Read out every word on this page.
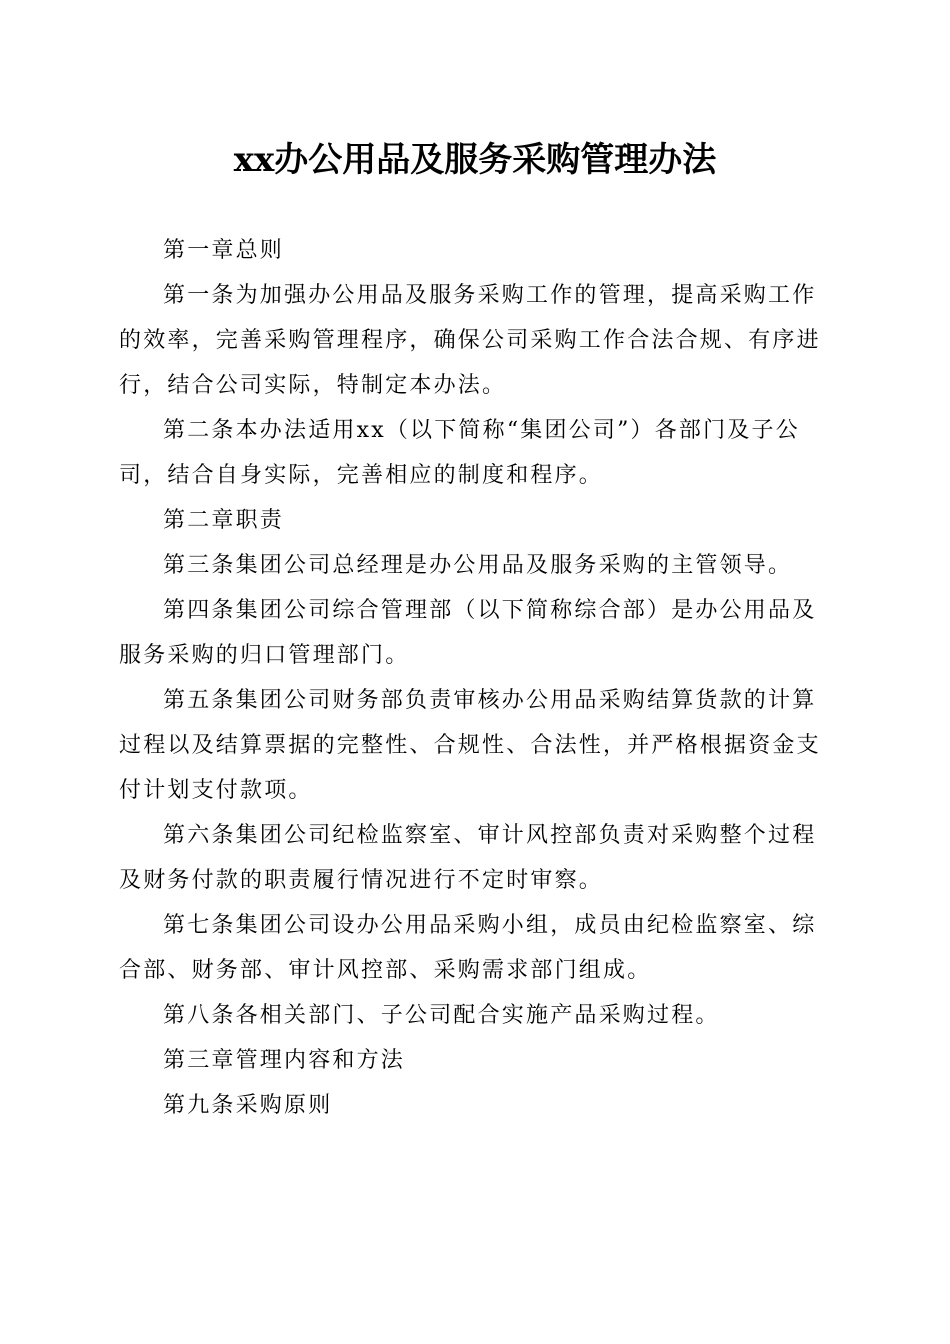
xx办公用品及服务采购管理办法

第一章总则

第一条为加强办公用品及服务采购工作的管理，提高采购工作的效率，完善采购管理程序，确保公司采购工作合法合规、有序进行，结合公司实际，特制定本办法。

第二条本办法适用xx（以下简称“集团公司”）各部门及子公司，结合自身实际，完善相应的制度和程序。

第二章职责

第三条集团公司总经理是办公用品及服务采购的主管领导。

第四条集团公司综合管理部（以下简称综合部）是办公用品及服务采购的归口管理部门。

第五条集团公司财务部负责审核办公用品采购结算货款的计算过程以及结算票据的完整性、合规性、合法性，并严格根据资金支付计划支付款项。

第六条集团公司纪检监察室、审计风控部负责对采购整个过程及财务付款的职责履行情况进行不定时审察。

第七条集团公司设办公用品采购小组，成员由纪检监察室、综合部、财务部、审计风控部、采购需求部门组成。

第八条各相关部门、子公司配合实施产品采购过程。

第三章管理内容和方法

第九条采购原则
